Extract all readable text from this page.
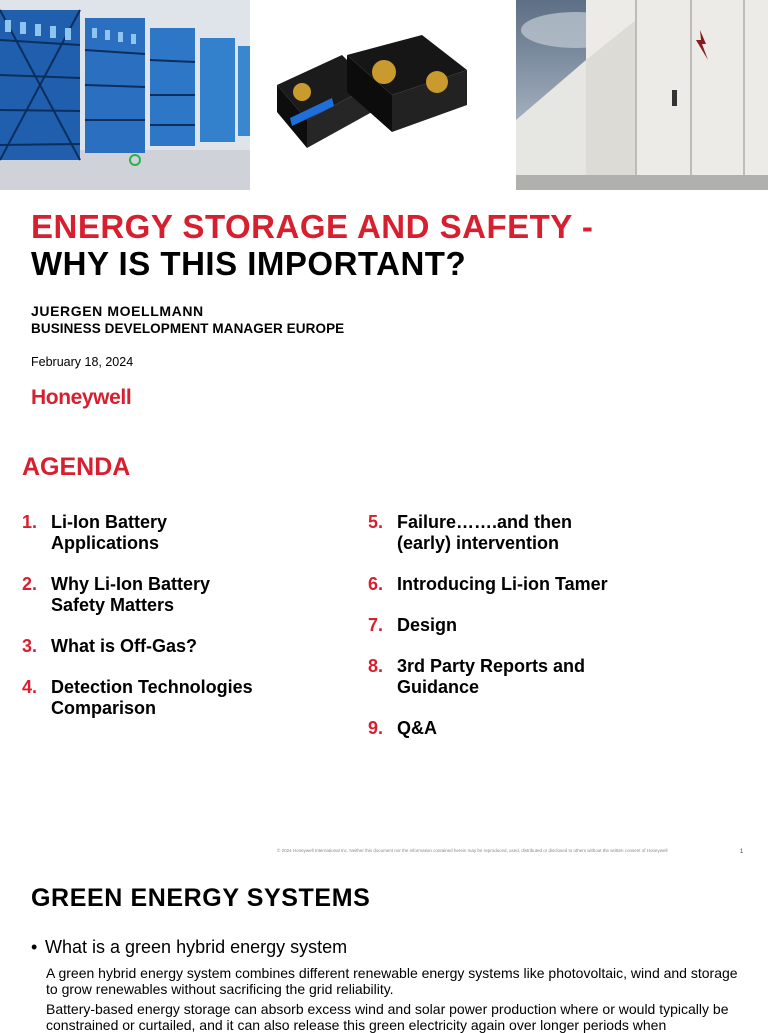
ENERGY STORAGE AND SAFETY -
WHY IS THIS IMPORTANT?
JUERGEN MOELLMANN
BUSINESS DEVELOPMENT MANAGER EUROPE
February 18, 2024
Honeywell
AGENDA
1. Li-Ion Battery
Applications
2. Why Li-Ion Battery
Safety Matters
3. What is Off-Gas?
4. Detection Technologies
Comparison
5. Failure…….and then
(early) intervention
6. Introducing Li-ion Tamer
7. Design
8. 3rd Party Reports and
Guidance
9. Q&A
© 2024 Honeywell International Inc. Neither this document nor the information contained herein may be reproduced, used, distributed or disclosed to others without the written consent of Honeywell	1
GREEN ENERGY SYSTEMS
• What is a green hybrid energy system
A green hybrid energy system combines different renewable energy systems like photovoltaic, wind and storage to grow renewables without sacrificing the grid reliability.
Battery-based energy storage can absorb excess wind and solar power production where or would typically be constrained or curtailed, and it can also release this green electricity again over longer periods when
